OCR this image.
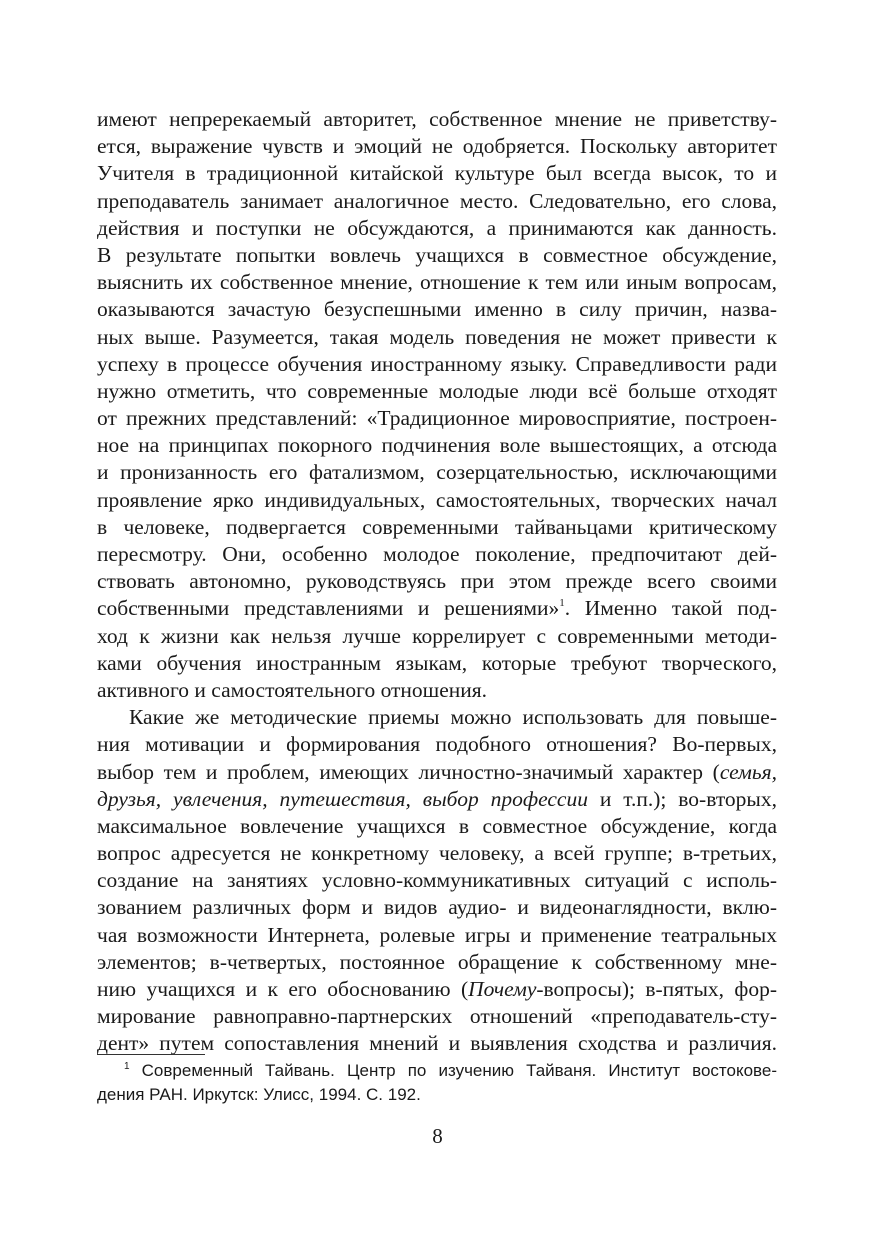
имеют непререкаемый авторитет, собственное мнение не приветству-
ется, выражение чувств и эмоций не одобряется. Поскольку авторитет
Учителя в традиционной китайской культуре был всегда высок, то и
преподаватель занимает аналогичное место. Следовательно, его слова,
действия и поступки не обсуждаются, а принимаются как данность.
В результате попытки вовлечь учащихся в совместное обсуждение,
выяснить их собственное мнение, отношение к тем или иным вопросам,
оказываются зачастую безуспешными именно в силу причин, назва-
ных выше. Разумеется, такая модель поведения не может привести к
успеху в процессе обучения иностранному языку. Справедливости ради
нужно отметить, что современные молодые люди всё больше отходят
от прежних представлений: «Традиционное мировосприятие, построен-
ное на принципах покорного подчинения воле вышестоящих, а отсюда
и пронизанность его фатализмом, созерцательностью, исключающими
проявление ярко индивидуальных, самостоятельных, творческих начал
в человеке, подвергается современными тайваньцами критическому
пересмотру. Они, особенно молодое поколение, предпочитают дей-
ствовать автономно, руководствуясь при этом прежде всего своими
собственными представлениями и решениями»$^1$. Именно такой под-
ход к жизни как нельзя лучше коррелирует с современными методи-
ками обучения иностранным языкам, которые требуют творческого,
активного и самостоятельного отношения.
Какие же методические приемы можно использовать для повыше-
ния мотивации и формирования подобного отношения? Во-первых,
выбор тем и проблем, имеющих личностно-значимый характер (семья,
друзья, увлечения, путешествия, выбор профессии и т.п.); во-вторых,
максимальное вовлечение учащихся в совместное обсуждение, когда
вопрос адресуется не конкретному человеку, а всей группе; в-третьих,
создание на занятиях условно-коммуникативных ситуаций с исполь-
зованием различных форм и видов аудио- и видеонаглядности, вклю-
чая возможности Интернета, ролевые игры и применение театральных
элементов; в-четвертых, постоянное обращение к собственному мне-
нию учащихся и к его обоснованию (Почему-вопросы); в-пятых, фор-
мирование равноправно-партнерских отношений «преподаватель-сту-
дент» путем сопоставления мнений и выявления сходства и различия.
$^1$ Современный Тайвань. Центр по изучению Тайваня. Институт востокове-
дения РАН. Иркутск: Улисс, 1994. С. 192.
8
